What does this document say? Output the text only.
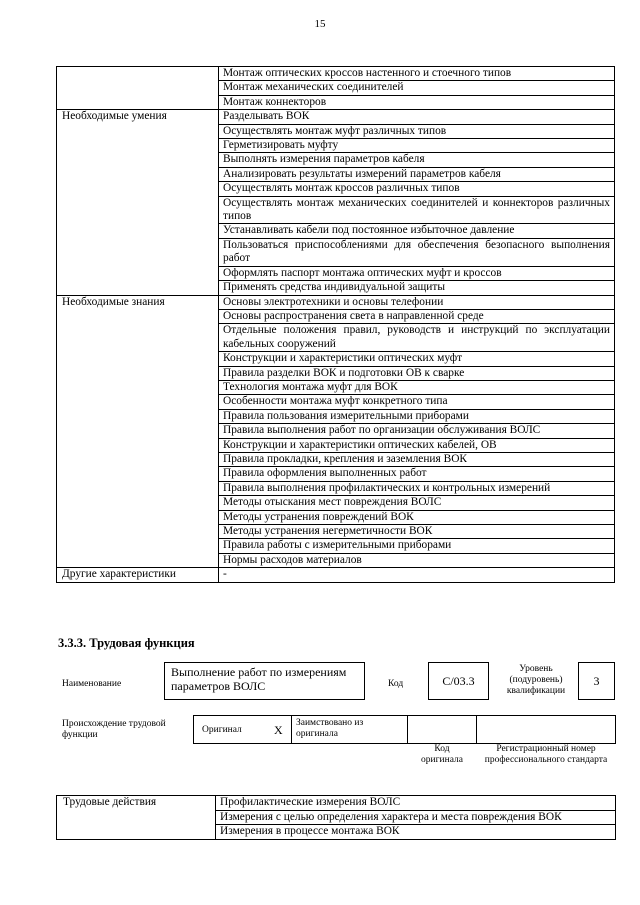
15
	Монтаж оптических кроссов настенного и стоечного типов
	Монтаж механических соединителей
	Монтаж коннекторов
Необходимые умения	Разделывать ВОК
	Осуществлять монтаж муфт различных типов
	Герметизировать муфту
	Выполнять измерения параметров кабеля
	Анализировать результаты измерений параметров кабеля
	Осуществлять монтаж кроссов различных типов
	Осуществлять монтаж механических соединителей и коннекторов различных типов
	Устанавливать кабели под постоянное избыточное давление
	Пользоваться приспособлениями для обеспечения безопасного выполнения работ
	Оформлять паспорт монтажа оптических муфт и кроссов
	Применять средства индивидуальной защиты
Необходимые знания	Основы электротехники и основы телефонии
	Основы распространения света в направленной среде
	Отдельные положения правил, руководств и инструкций по эксплуатации кабельных сооружений
	Конструкции и характеристики оптических муфт
	Правила разделки ВОК и подготовки ОВ к сварке
	Технология монтажа муфт для ВОК
	Особенности монтажа муфт конкретного типа
	Правила пользования измерительными приборами
	Правила выполнения работ по организации обслуживания ВОЛС
	Конструкции и характеристики оптических кабелей, ОВ
	Правила прокладки, крепления и заземления ВОК
	Правила оформления выполненных работ
	Правила выполнения профилактических и контрольных измерений
	Методы отыскания мест повреждения ВОЛС
	Методы устранения повреждений ВОК
	Методы устранения негерметичности ВОК
	Правила работы с измерительными приборами
	Нормы расходов материалов
Другие характеристики	-
3.3.3. Трудовая функция
Наименование
Выполнение работ по измерениям параметров ВОЛС	Код	C/03.3
Уровень (подуровень) квалификации
3
Происхождение трудовой функции	Оригинал	X Заимствовано из оригинала
Код оригинала
Регистрационный номер профессионального стандарта
Трудовые действия	Профилактические измерения ВОЛС
Измерения с целью определения характера и места повреждения ВОК
Измерения в процессе монтажа ВОК
